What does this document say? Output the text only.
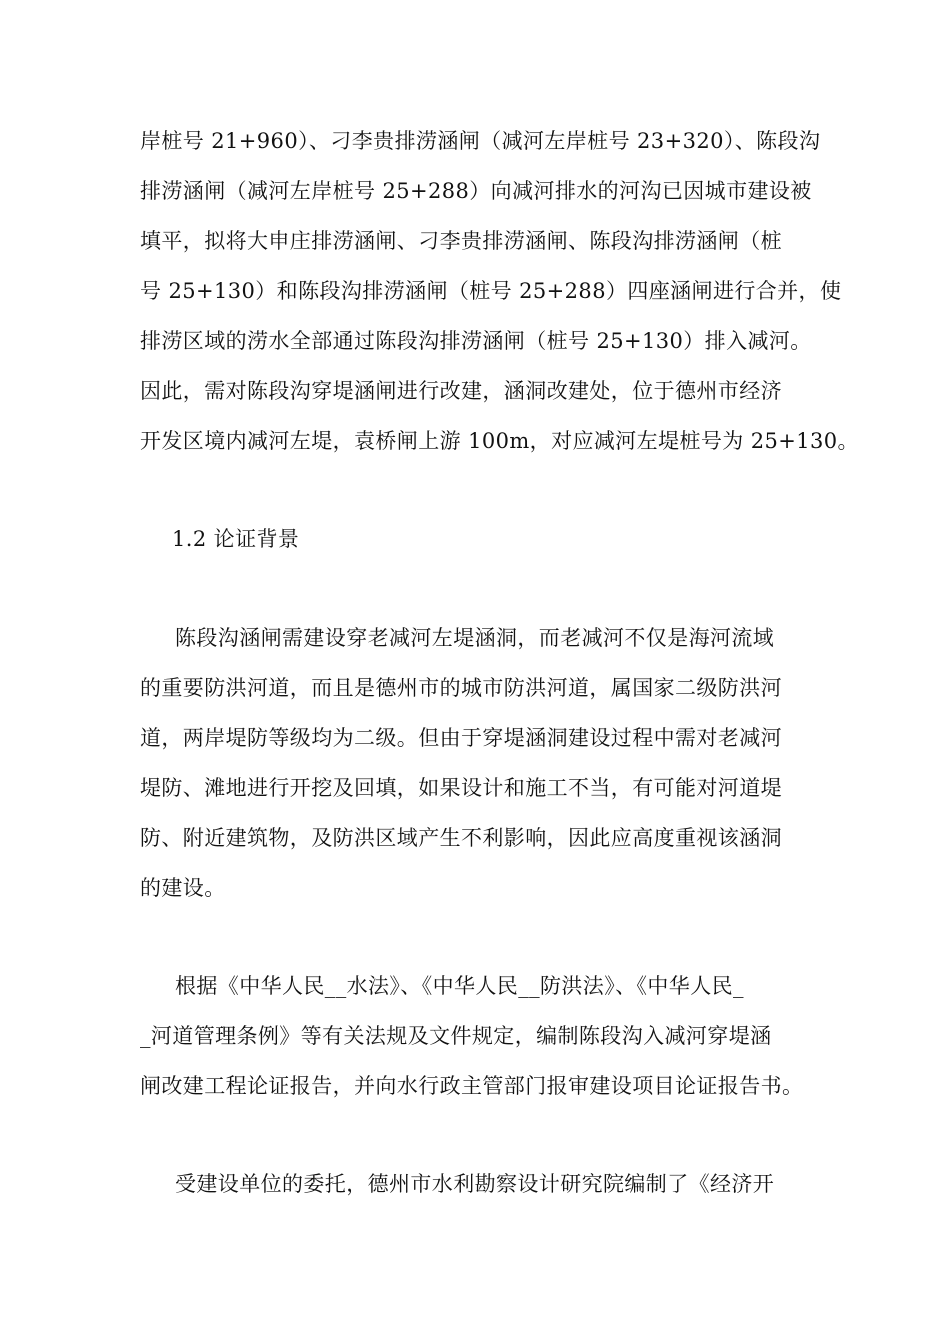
岸桩号 21+960）、刁李贵排涝涵闸（减河左岸桩号 23+320）、陈段沟
排涝涵闸（减河左岸桩号 25+288）向减河排水的河沟已因城市建设被
填平，拟将大申庄排涝涵闸、刁李贵排涝涵闸、陈段沟排涝涵闸（桩
号 25+130）和陈段沟排涝涵闸（桩号 25+288）四座涵闸进行合并，使
排涝区域的涝水全部通过陈段沟排涝涵闸（桩号 25+130）排入减河。
因此，需对陈段沟穿堤涵闸进行改建，涵洞改建处，位于德州市经济
开发区境内减河左堤，袁桥闸上游 100m，对应减河左堤桩号为 25+130。
1.2 论证背景
陈段沟涵闸需建设穿老减河左堤涵洞，而老减河不仅是海河流域
的重要防洪河道，而且是德州市的城市防洪河道，属国家二级防洪河
道，两岸堤防等级均为二级。但由于穿堤涵洞建设过程中需对老减河
堤防、滩地进行开挖及回填，如果设计和施工不当，有可能对河道堤
防、附近建筑物，及防洪区域产生不利影响，因此应高度重视该涵洞
的建设。
根据《中华人民__水法》、《中华人民__防洪法》、《中华人民_
_河道管理条例》等有关法规及文件规定，编制陈段沟入减河穿堤涵
闸改建工程论证报告，并向水行政主管部门报审建设项目论证报告书。
受建设单位的委托，德州市水利勘察设计研究院编制了《经济开
